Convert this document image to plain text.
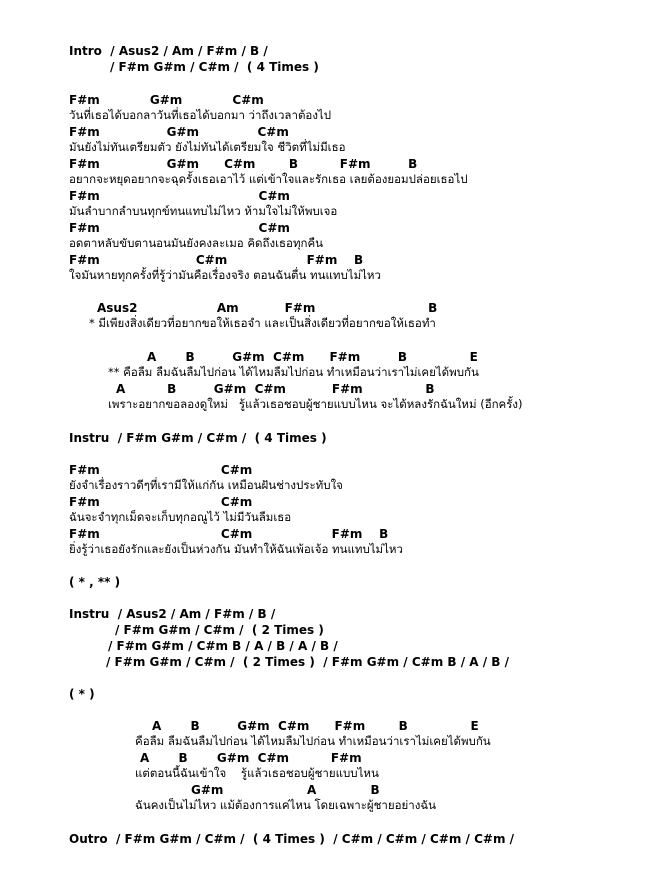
Intro  / Asus2 / Am / F#m / B /
/ F#m G#m / C#m /  ( 4 Times )
F#m            G#m            C#m
วันที่เธอได้บอกลาวันที่เธอได้บอกมา ว่าถึงเวลาต้องไป
F#m                G#m              C#m
มันยังไม่ทันเตรียมตัว ยังไม่ทันได้เตรียมใจ ชีวิตที่ไม่มีเธอ
F#m                G#m      C#m        B          F#m         B
อยากจะหยุดอยากจะฉุดรั้งเธอเอาไว้ แต่เข้าใจและรักเธอ เลยต้องยอมปล่อยเธอไป
F#m                                      C#m
มันลำบากลำบนทุกข์ทนแทบไม่ไหว ห้ามใจไม่ให้พบเจอ
F#m                                      C#m
อดตาหลับขับตานอนมันยังคงละเมอ คิดถึงเธอทุกคืน
F#m                       C#m                   F#m    B
ใจมันหายทุกครั้งที่รู้ว่ามันคือเรื่องจริง ตอนฉันตื่น ทนแทบไม่ไหว
Asus2                   Am           F#m                           B
* มีเพียงสิ่งเดียวที่อยากขอให้เธอจำ และเป็นสิ่งเดียวที่อยากขอให้เธอทำ
A       B         G#m  C#m      F#m         B               E
** คือลืม ลืมฉันลืมไปก่อน ได้ไหมลืมไปก่อน ทำเหมือนว่าเราไม่เคยได้พบกัน
A          B         G#m  C#m           F#m               B
เพราะอยากขอลองดูใหม่   รู้แล้วเธอชอบผู้ชายแบบไหน จะได้หลงรักฉันใหม่ (อีกครั้ง)
Instru  / F#m G#m / C#m /  ( 4 Times )
F#m                             C#m
ยังจำเรื่องราวดีๆที่เรามีให้แก่กัน เหมือนฝันช่างประทับใจ
F#m                             C#m
ฉันจะจำทุกเม็ดจะเก็บทุกอณูไว้ ไม่มีวันลืมเธอ
F#m                             C#m                   F#m    B
ยิ่งรู้ว่าเธอยังรักและยังเป็นห่วงกัน มันทำให้ฉันเพ้อเจ้อ ทนแทบไม่ไหว
( * , ** )
Instru  / Asus2 / Am / F#m / B /
/ F#m G#m / C#m /  ( 2 Times )
/ F#m G#m / C#m B / A / B / A / B /
/ F#m G#m / C#m /  ( 2 Times )  / F#m G#m / C#m B / A / B /
( * )
A       B         G#m  C#m      F#m        B               E
คือลืม ลืมฉันลืมไปก่อน ได้ไหมลืมไปก่อน ทำเหมือนว่าเราไม่เคยได้พบกัน
A       B       G#m  C#m          F#m
แต่ตอนนี้ฉันเข้าใจ    รู้แล้วเธอชอบผู้ชายแบบไหน
G#m                    A             B
ฉันคงเป็นไม่ไหว แม้ต้องการแค่ไหน โดยเฉพาะผู้ชายอย่างฉัน
Outro  / F#m G#m / C#m /  ( 4 Times )  / C#m / C#m / C#m / C#m /
